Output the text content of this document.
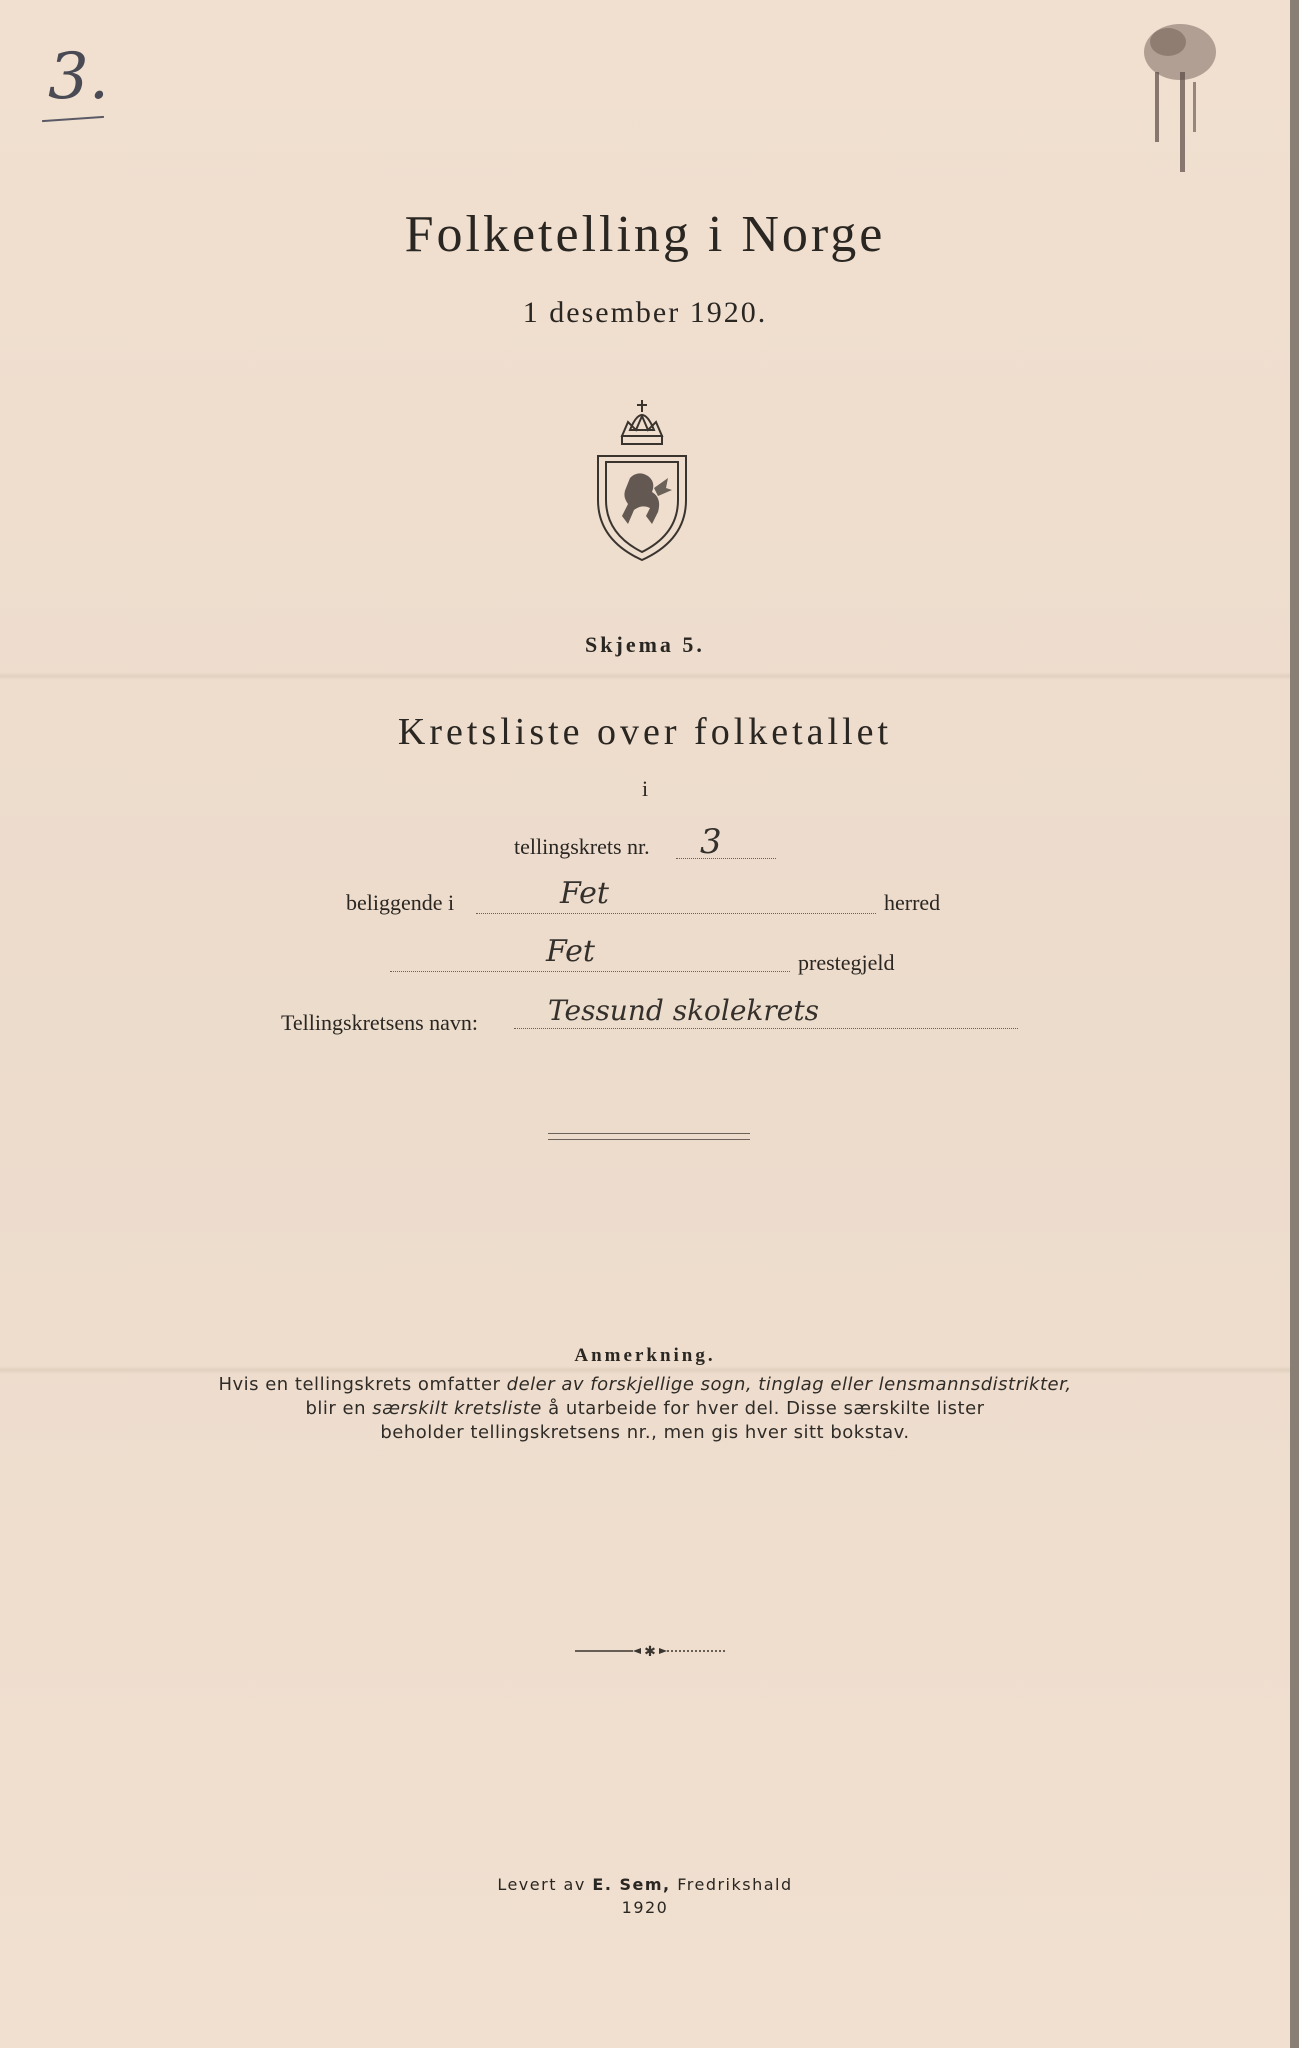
3.
Folketelling i Norge
1 desember 1920.
Skjema 5.
Kretsliste over folketallet
i
tellingskrets nr. 3
beliggende i	Fet	herred
Fet	prestegjeld
Tellingskretsens navn: Tessund skolekrets
Anmerkning.
Hvis en tellingskrets omfatter deler av forskjellige sogn, tinglag eller lensmannsdistrikter,
blir en særskilt kretsliste å utarbeide for hver del. Disse særskilte lister
beholder tellingskretsens nr., men gis hver sitt bokstav.
✱
Levert av E. Sem, Fredrikshald
1920
